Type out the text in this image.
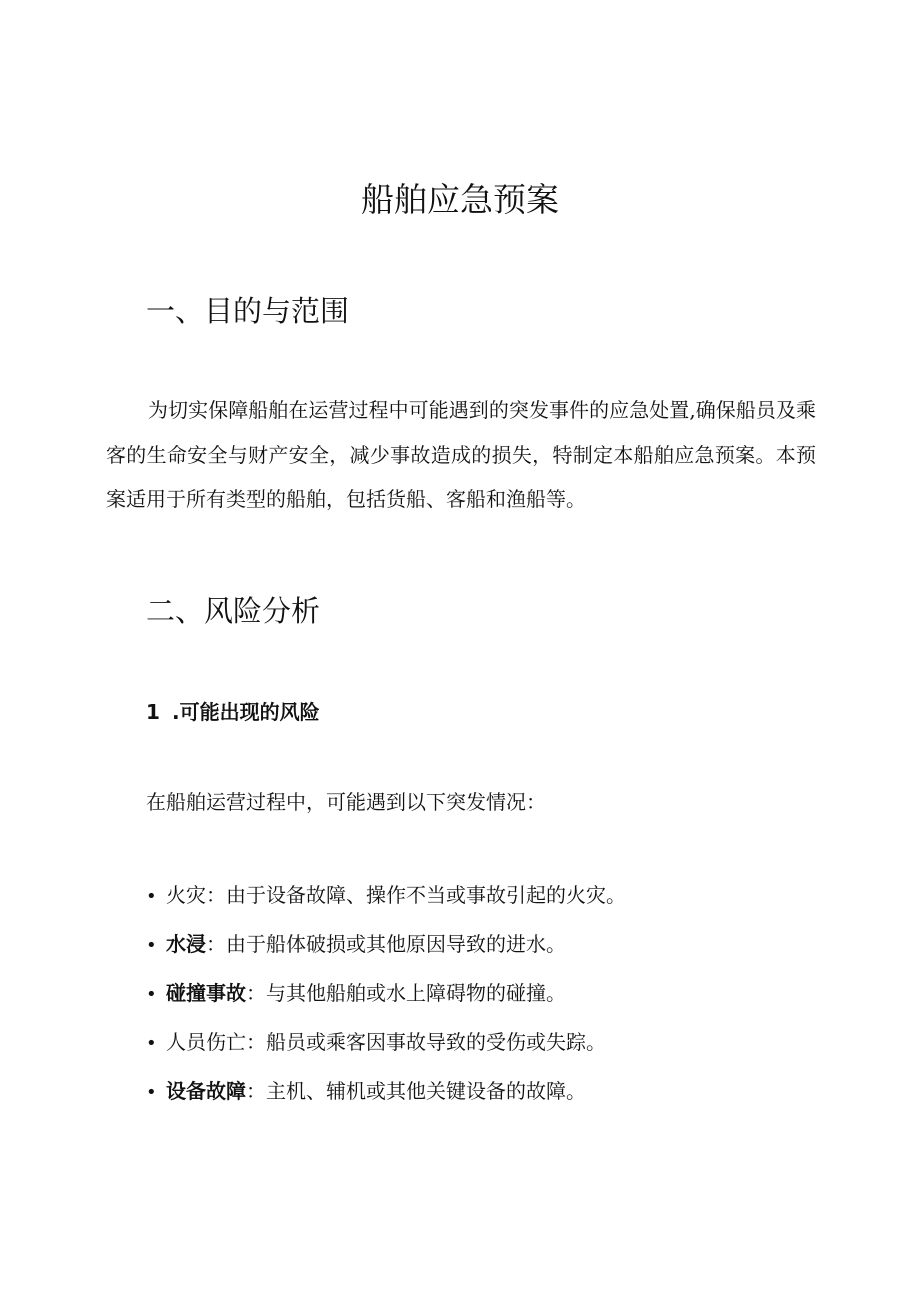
船舶应急预案
一、目的与范围

为切实保障船舶在运营过程中可能遇到的突发事件的应急处置,确保船员及乘客的生命安全与财产安全，减少事故造成的损失，特制定本船舶应急预案。本预案适用于所有类型的船舶，包括货船、客船和渔船等。

二、风险分析
1 .可能出现的风险

在船舶运营过程中，可能遇到以下突发情况：

• 火灾：由于设备故障、操作不当或事故引起的火灾。
• 水浸：由于船体破损或其他原因导致的进水。
• 碰撞事故：与其他船舶或水上障碍物的碰撞。
• 人员伤亡：船员或乘客因事故导致的受伤或失踪。
• 设备故障：主机、辅机或其他关键设备的故障。
